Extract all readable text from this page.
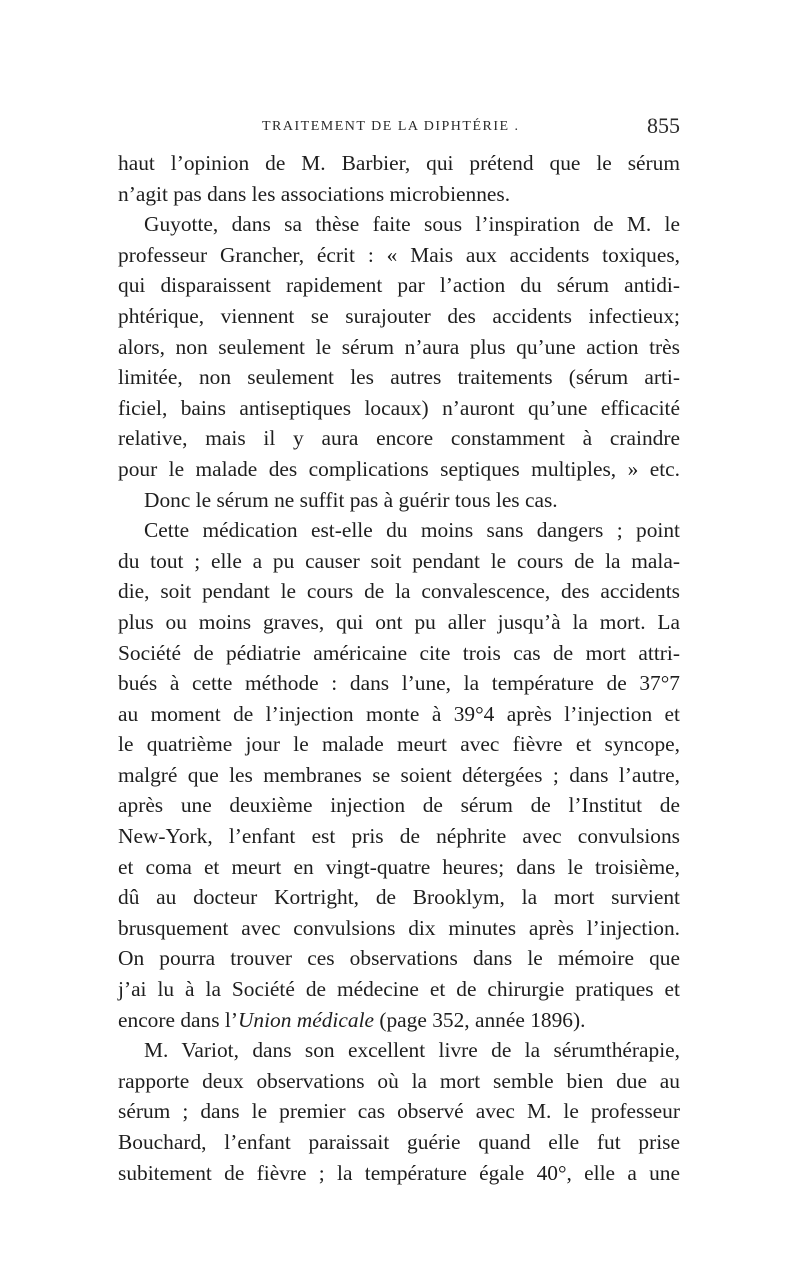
TRAITEMENT DE LA DIPHTÉRIE .	855
haut l’opinion de M. Barbier, qui prétend que le sérum
n’agit pas dans les associations microbiennes.
Guyotte, dans sa thèse faite sous l’inspiration de M. le
professeur Grancher, écrit : « Mais aux accidents toxiques,
qui disparaissent rapidement par l’action du sérum antidi-
phtérique, viennent se surajouter des accidents infectieux;
alors, non seulement le sérum n’aura plus qu’une action très
limitée, non seulement les autres traitements (sérum arti-
ficiel, bains antiseptiques locaux) n’auront qu’une efficacité
relative, mais il y aura encore constamment à craindre
pour le malade des complications septiques multiples, » etc.
Donc le sérum ne suffit pas à guérir tous les cas.
Cette médication est-elle du moins sans dangers ; point
du tout ; elle a pu causer soit pendant le cours de la mala-
die, soit pendant le cours de la convalescence, des accidents
plus ou moins graves, qui ont pu aller jusqu’à la mort. La
Société de pédiatrie américaine cite trois cas de mort attri-
bués à cette méthode : dans l’une, la température de 37°7
au moment de l’injection monte à 39°4 après l’injection et
le quatrième jour le malade meurt avec fièvre et syncope,
malgré que les membranes se soient détergées ; dans l’autre,
après une deuxième injection de sérum de l’Institut de
New-York, l’enfant est pris de néphrite avec convulsions
et coma et meurt en vingt-quatre heures; dans le troisième,
dû au docteur Kortright, de Brooklym, la mort survient
brusquement avec convulsions dix minutes après l’injection.
On pourra trouver ces observations dans le mémoire que
j’ai lu à la Société de médecine et de chirurgie pratiques et
encore dans l’Union médicale (page 352, année 1896).
M. Variot, dans son excellent livre de la sérumthérapie,
rapporte deux observations où la mort semble bien due au
sérum ; dans le premier cas observé avec M. le professeur
Bouchard, l’enfant paraissait guérie quand elle fut prise
subitement de fièvre ; la température égale 40°, elle a une
